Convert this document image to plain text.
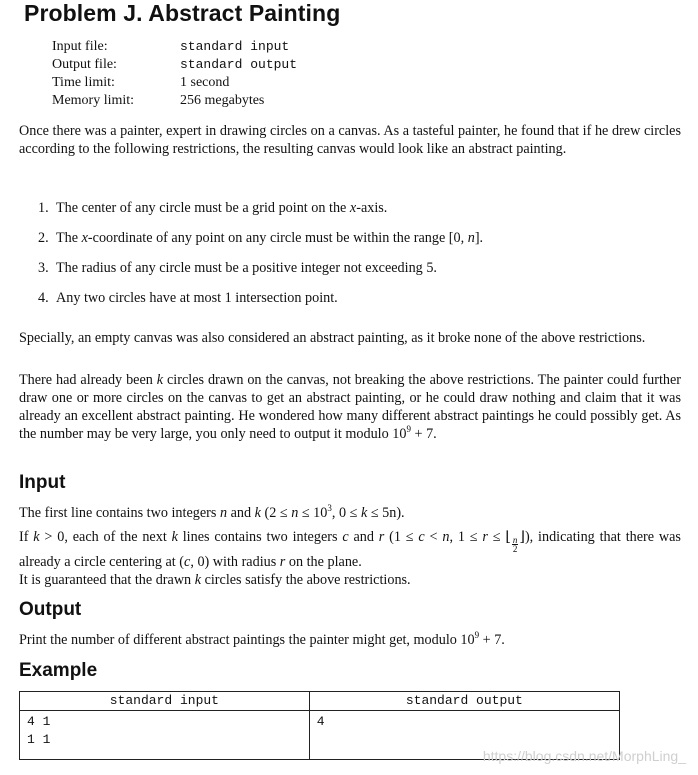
Problem J. Abstract Painting
Input file:	standard input
Output file:	standard output
Time limit:	1 second
Memory limit:	256 megabytes
Once there was a painter, expert in drawing circles on a canvas. As a tasteful painter, he found that if he drew circles according to the following restrictions, the resulting canvas would look like an abstract painting.
1. The center of any circle must be a grid point on the x-axis.
2. The x-coordinate of any point on any circle must be within the range [0, n].
3. The radius of any circle must be a positive integer not exceeding 5.
4. Any two circles have at most 1 intersection point.
Specially, an empty canvas was also considered an abstract painting, as it broke none of the above restrictions.
There had already been k circles drawn on the canvas, not breaking the above restrictions. The painter could further draw one or more circles on the canvas to get an abstract painting, or he could draw nothing and claim that it was already an excellent abstract painting. He wondered how many different abstract paintings he could possibly get. As the number may be very large, you only need to output it modulo $10^9 + 7$.
Input
The first line contains two integers n and k ($2 \le n \le 10^3$, 0 ≤ k ≤ 5n).
If k > 0, each of the next k lines contains two integers c and r (1 ≤ c < n, 1 ≤ r ≤ ⌊ $\frac{n}{2}$ ⌋), indicating that there was already a circle centering at (c, 0) with radius r on the plane.
It is guaranteed that the drawn k circles satisfy the above restrictions.
Output
Print the number of different abstract paintings the painter might get, modulo $10^9 + 7$.
Example
standard input	standard output
4 1
1 1	4
https://blog.csdn.net/MorphLing_
